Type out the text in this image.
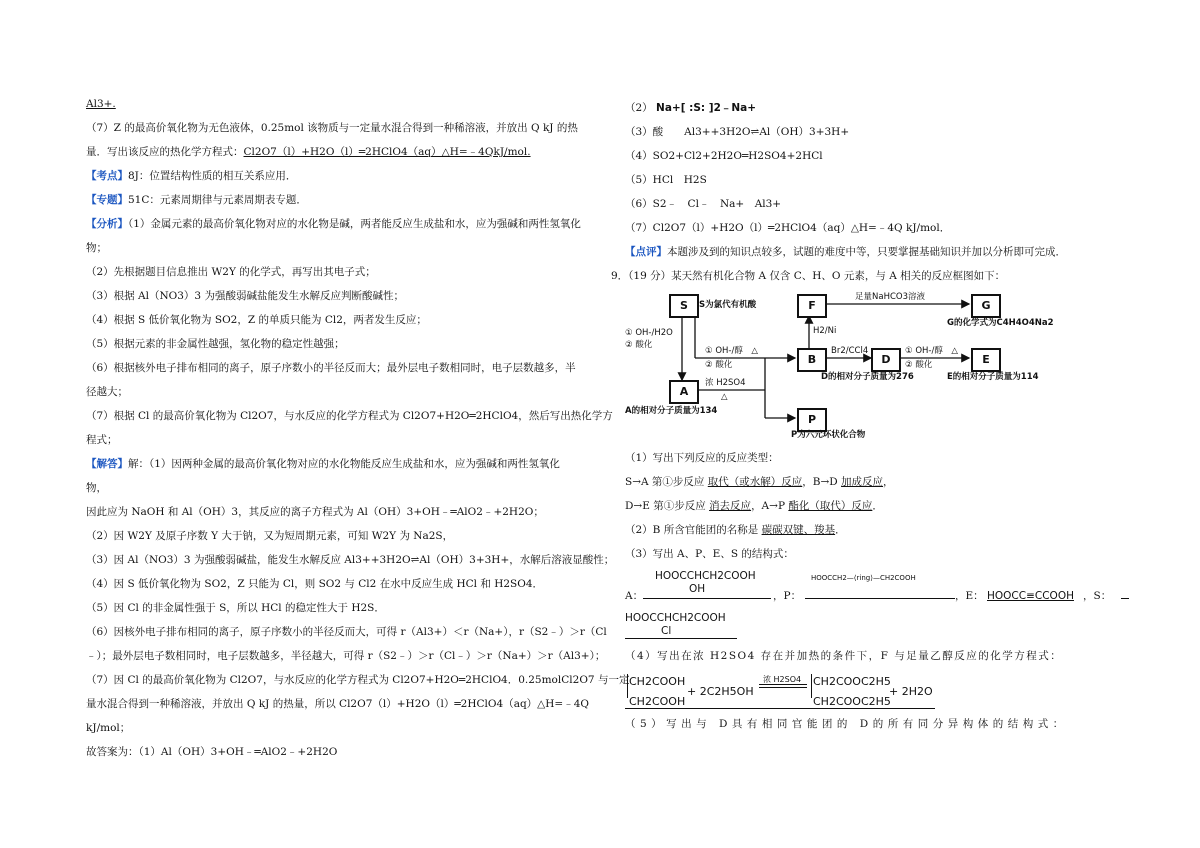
Al3+.
（7）Z 的最高价氧化物为无色液体，0.25mol 该物质与一定量水混合得到一种稀溶液，并放出 Q kJ 的热
量．写出该反应的热化学方程式：Cl2O7（l）+H2O（l）═2HClO4（aq）△H=﹣4QkJ/mol.
【考点】8J：位置结构性质的相互关系应用．
【专题】51C：元素周期律与元素周期表专题．
【分析】（1）金属元素的最高价氧化物对应的水化物是碱，两者能反应生成盐和水，应为强碱和两性氢氧化
物；
（2）先根据题目信息推出 W2Y 的化学式，再写出其电子式；
（3）根据 Al（NO3）3 为强酸弱碱盐能发生水解反应判断酸碱性；
（4）根据 S 低价氧化物为 SO2，Z 的单质只能为 Cl2，两者发生反应；
（5）根据元素的非金属性越强，氢化物的稳定性越强；
（6）根据核外电子排布相同的离子，原子序数小的半径反而大；最外层电子数相同时，电子层数越多，半
径越大；
（7）根据 Cl 的最高价氧化物为 Cl2O7，与水反应的化学方程式为 Cl2O7+H2O═2HClO4，然后写出热化学方
程式；
【解答】解：（1）因两种金属的最高价氧化物对应的水化物能反应生成盐和水，应为强碱和两性氢氧化
物，
因此应为 NaOH 和 Al（OH）3，其反应的离子方程式为 Al（OH）3+OH﹣═AlO2﹣+2H2O；
（2）因 W2Y 及原子序数 Y 大于钠，又为短周期元素，可知 W2Y 为 Na2S，
（3）因 Al（NO3）3 为强酸弱碱盐，能发生水解反应 Al3++3H2O⇌Al（OH）3+3H+，水解后溶液显酸性；
（4）因 S 低价氧化物为 SO2，Z 只能为 Cl，则 SO2 与 Cl2 在水中反应生成 HCl 和 H2SO4．
（5）因 Cl 的非金属性强于 S，所以 HCl 的稳定性大于 H2S．
（6）因核外电子排布相同的离子，原子序数小的半径反而大，可得 r（Al3+）＜r（Na+），r（S2﹣）＞r（Cl
﹣）；最外层电子数相同时，电子层数越多，半径越大，可得 r（S2﹣）＞r（Cl﹣）＞r（Na+）＞r（Al3+）；
（7）因 Cl 的最高价氧化物为 Cl2O7，与水反应的化学方程式为 Cl2O7+H2O═2HClO4．0.25molCl2O7 与一定
量水混合得到一种稀溶液，并放出 Q kJ 的热量，所以 Cl2O7（l）+H2O（l）═2HClO4（aq）△H=﹣4Q
kJ/mol；
故答案为：（1）Al（OH）3+OH﹣═AlO2﹣+2H2O
（2） Na+[ :S: ]2﹣Na+
（3）酸　　Al3++3H2O⇌Al（OH）3+3H+
（4）SO2+Cl2+2H2O═H2SO4+2HCl
（5）HCl　H2S
（6）S2﹣　Cl﹣　Na+　Al3+
（7）Cl2O7（l）+H2O（l）═2HClO4（aq）△H=﹣4Q kJ/mol．
【点评】本题涉及到的知识点较多，试题的难度中等，只要掌握基础知识并加以分析即可完成．
9．（19 分）某天然有机化合物 A 仅含 C、H、O 元素，与 A 相关的反应框图如下：
S	S为氯代有机酸	F
足量NaHCO3溶液
G
G的化学式为C4H4O4Na2
H2/Ni
① OH-/H2O
② 酸化
① OH-/醇　△
② 酸化	B
Br2/CCl4
D
① OH-/醇　△
② 酸化	E
D的相对分子质量为276	E的相对分子质量为114
A
浓 H2SO4
△
A的相对分子质量为134
P
P为六元环状化合物
（1）写出下列反应的反应类型：
S→A 第①步反应 取代（或水解）反应，B→D 加成反应，
D→E 第①步反应 消去反应，A→P 酯化（取代）反应．
（2）B 所含官能团的名称是 碳碳双键、羧基．
（3）写出 A、P、E、S 的结构式：
A：
HOOCCHCH2COOH
OH
，P：
HOOCCH2—⟨ring⟩—CH2COOH
，E： HOOCC≡CCOOH ，S：
HOOCCHCH2COOH
Cl
（4）写出在浓 H2SO4 存在并加热的条件下，F 与足量乙醇反应的化学方程式：
CH2COOH
CH2COOH
+ 2C2H5OH
浓 H2SO4 CH2COOC2H5
CH2COOC2H5
+ 2H2O
（5）写出与 D具有相同官能团的 D的所有同分异构体的结构式：
